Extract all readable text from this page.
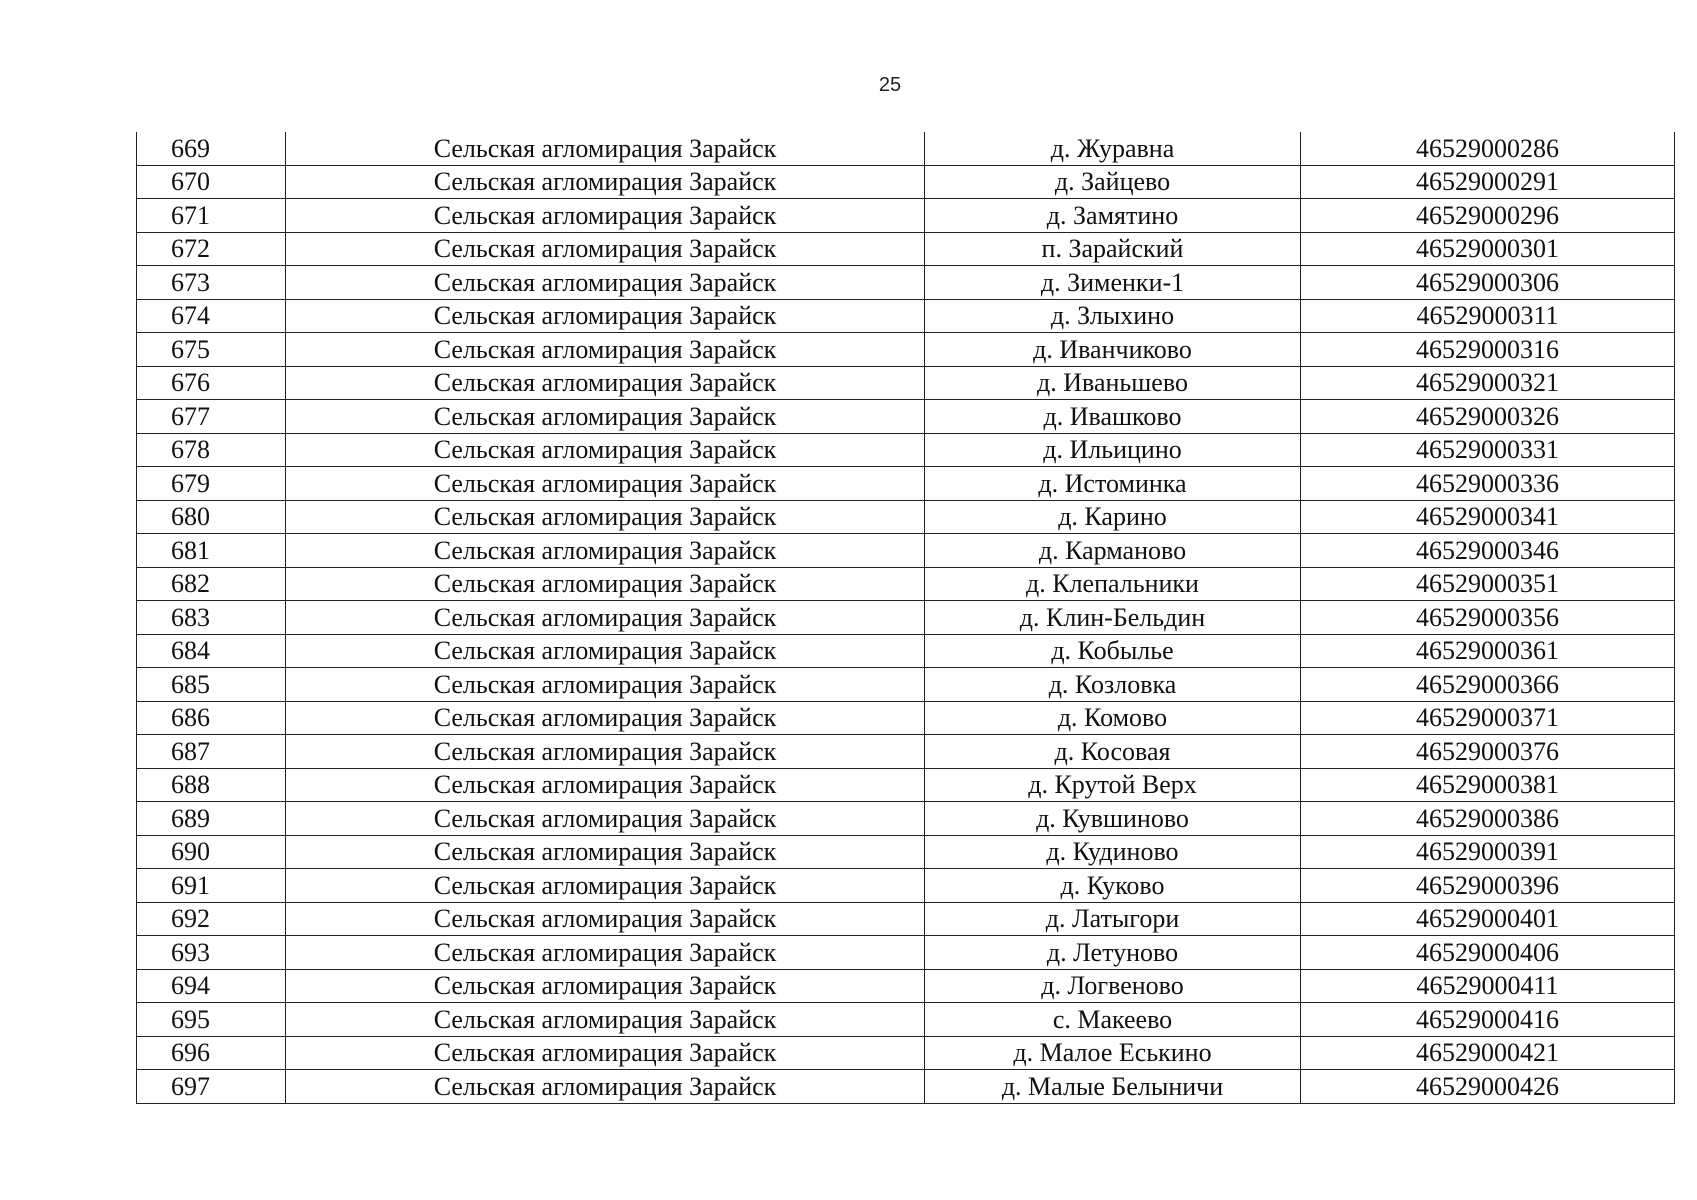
25
669	Сельская агломирация Зарайск	д. Журавна	46529000286
670	Сельская агломирация Зарайск	д. Зайцево	46529000291
671	Сельская агломирация Зарайск	д. Замятино	46529000296
672	Сельская агломирация Зарайск	п. Зарайский	46529000301
673	Сельская агломирация Зарайск	д. Зименки-1	46529000306
674	Сельская агломирация Зарайск	д. Злыхино	46529000311
675	Сельская агломирация Зарайск	д. Иванчиково	46529000316
676	Сельская агломирация Зарайск	д. Иваньшево	46529000321
677	Сельская агломирация Зарайск	д. Ивашково	46529000326
678	Сельская агломирация Зарайск	д. Ильицино	46529000331
679	Сельская агломирация Зарайск	д. Истоминка	46529000336
680	Сельская агломирация Зарайск	д. Карино	46529000341
681	Сельская агломирация Зарайск	д. Карманово	46529000346
682	Сельская агломирация Зарайск	д. Клепальники	46529000351
683	Сельская агломирация Зарайск	д. Клин-Бельдин	46529000356
684	Сельская агломирация Зарайск	д. Кобылье	46529000361
685	Сельская агломирация Зарайск	д. Козловка	46529000366
686	Сельская агломирация Зарайск	д. Комово	46529000371
687	Сельская агломирация Зарайск	д. Косовая	46529000376
688	Сельская агломирация Зарайск	д. Крутой Верх	46529000381
689	Сельская агломирация Зарайск	д. Кувшиново	46529000386
690	Сельская агломирация Зарайск	д. Кудиново	46529000391
691	Сельская агломирация Зарайск	д. Куково	46529000396
692	Сельская агломирация Зарайск	д. Латыгори	46529000401
693	Сельская агломирация Зарайск	д. Летуново	46529000406
694	Сельская агломирация Зарайск	д. Логвеново	46529000411
695	Сельская агломирация Зарайск	с. Макеево	46529000416
696	Сельская агломирация Зарайск	д. Малое Еськино	46529000421
697	Сельская агломирация Зарайск	д. Малые Белыничи	46529000426
